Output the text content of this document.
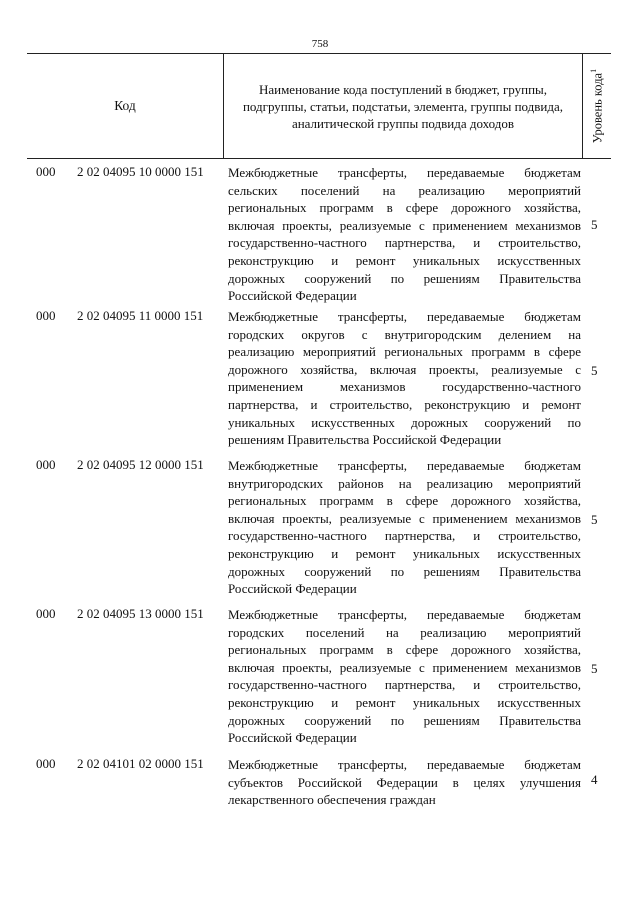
758
Код
Наименование кода поступлений в бюджет, группы, подгруппы, статьи, подстатьи, элемента, группы подвида, аналитической группы подвида доходов	Уровень кода$^1$
000 2 02 04095 10 0000 151 Межбюджетные трансферты, передаваемые бюджетам сельских поселений на реализацию мероприятий региональных программ в сфере дорожного хозяйства, включая проекты, реализуемые с применением механизмов государственно-частного партнерства, и строительство, реконструкцию и ремонт уникальных искусственных дорожных сооружений по решениям Правительства Российской Федерации
5
000 2 02 04095 11 0000 151 Межбюджетные трансферты, передаваемые бюджетам городских округов с внутригородским делением на реализацию мероприятий региональных программ в сфере дорожного хозяйства, включая проекты, реализуемые с применением механизмов государственно-частного партнерства, и строительство, реконструкцию и ремонт уникальных искусственных дорожных сооружений по решениям Правительства Российской Федерации
5
000 2 02 04095 12 0000 151 Межбюджетные трансферты, передаваемые бюджетам внутригородских районов на реализацию мероприятий региональных программ в сфере дорожного хозяйства, включая проекты, реализуемые с применением механизмов государственно-частного партнерства, и строительство, реконструкцию и ремонт уникальных искусственных дорожных сооружений по решениям Правительства Российской Федерации
5
000 2 02 04095 13 0000 151 Межбюджетные трансферты, передаваемые бюджетам городских поселений на реализацию мероприятий региональных программ в сфере дорожного хозяйства, включая проекты, реализуемые с применением механизмов государственно-частного партнерства, и строительство, реконструкцию и ремонт уникальных искусственных дорожных сооружений по решениям Правительства Российской Федерации
5
000 2 02 04101 02 0000 151 Межбюджетные трансферты, передаваемые бюджетам субъектов Российской Федерации в целях улучшения лекарственного обеспечения граждан
4
